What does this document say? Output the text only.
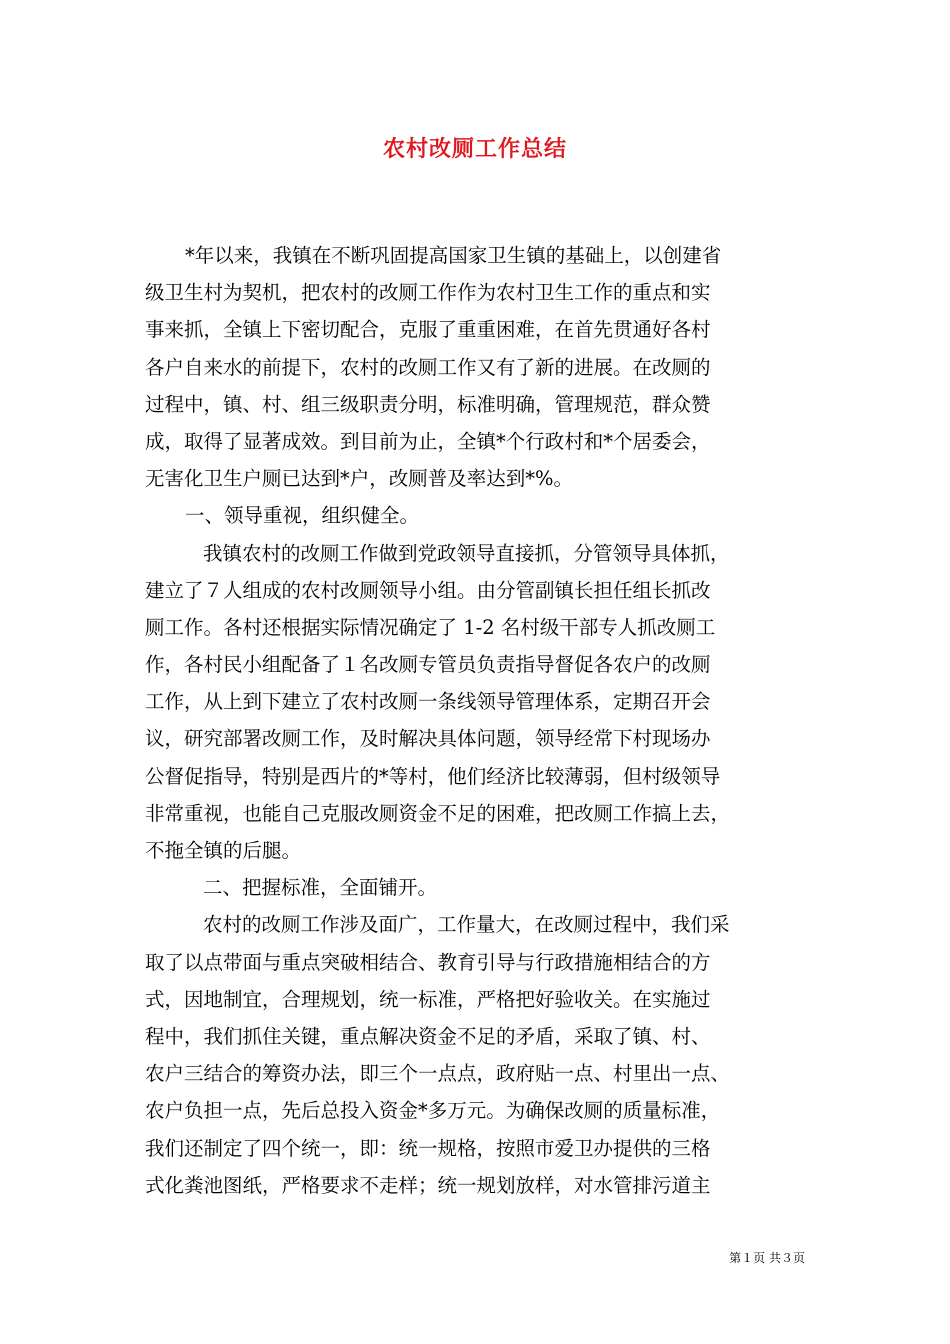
农村改厕工作总结
*年以来，我镇在不断巩固提高国家卫生镇的基础上，以创建省
级卫生村为契机，把农村的改厕工作作为农村卫生工作的重点和实
事来抓，全镇上下密切配合，克服了重重困难，在首先贯通好各村
各户自来水的前提下，农村的改厕工作又有了新的进展。在改厕的
过程中，镇、村、组三级职责分明，标准明确，管理规范，群众赞
成，取得了显著成效。到目前为止，全镇*个行政村和*个居委会，
无害化卫生户厕已达到*户，改厕普及率达到*%。
一、领导重视，组织健全。
我镇农村的改厕工作做到党政领导直接抓，分管领导具体抓，
建立了７人组成的农村改厕领导小组。由分管副镇长担任组长抓改
厕工作。各村还根据实际情况确定了 1-2 名村级干部专人抓改厕工
作，各村民小组配备了１名改厕专管员负责指导督促各农户的改厕
工作，从上到下建立了农村改厕一条线领导管理体系，定期召开会
议，研究部署改厕工作，及时解决具体问题，领导经常下村现场办
公督促指导，特别是西片的*等村，他们经济比较薄弱，但村级领导
非常重视，也能自己克服改厕资金不足的困难，把改厕工作搞上去，
不拖全镇的后腿。
二、把握标准，全面铺开。
农村的改厕工作涉及面广，工作量大，在改厕过程中，我们采
取了以点带面与重点突破相结合、教育引导与行政措施相结合的方
式，因地制宜，合理规划，统一标准，严格把好验收关。在实施过
程中，我们抓住关键，重点解决资金不足的矛盾，采取了镇、村、
农户三结合的筹资办法，即三个一点点，政府贴一点、村里出一点、
农户负担一点，先后总投入资金*多万元。为确保改厕的质量标准，
我们还制定了四个统一，即：统一规格，按照市爱卫办提供的三格
式化粪池图纸，严格要求不走样；统一规划放样，对水管排污道主
第１页 共３页
